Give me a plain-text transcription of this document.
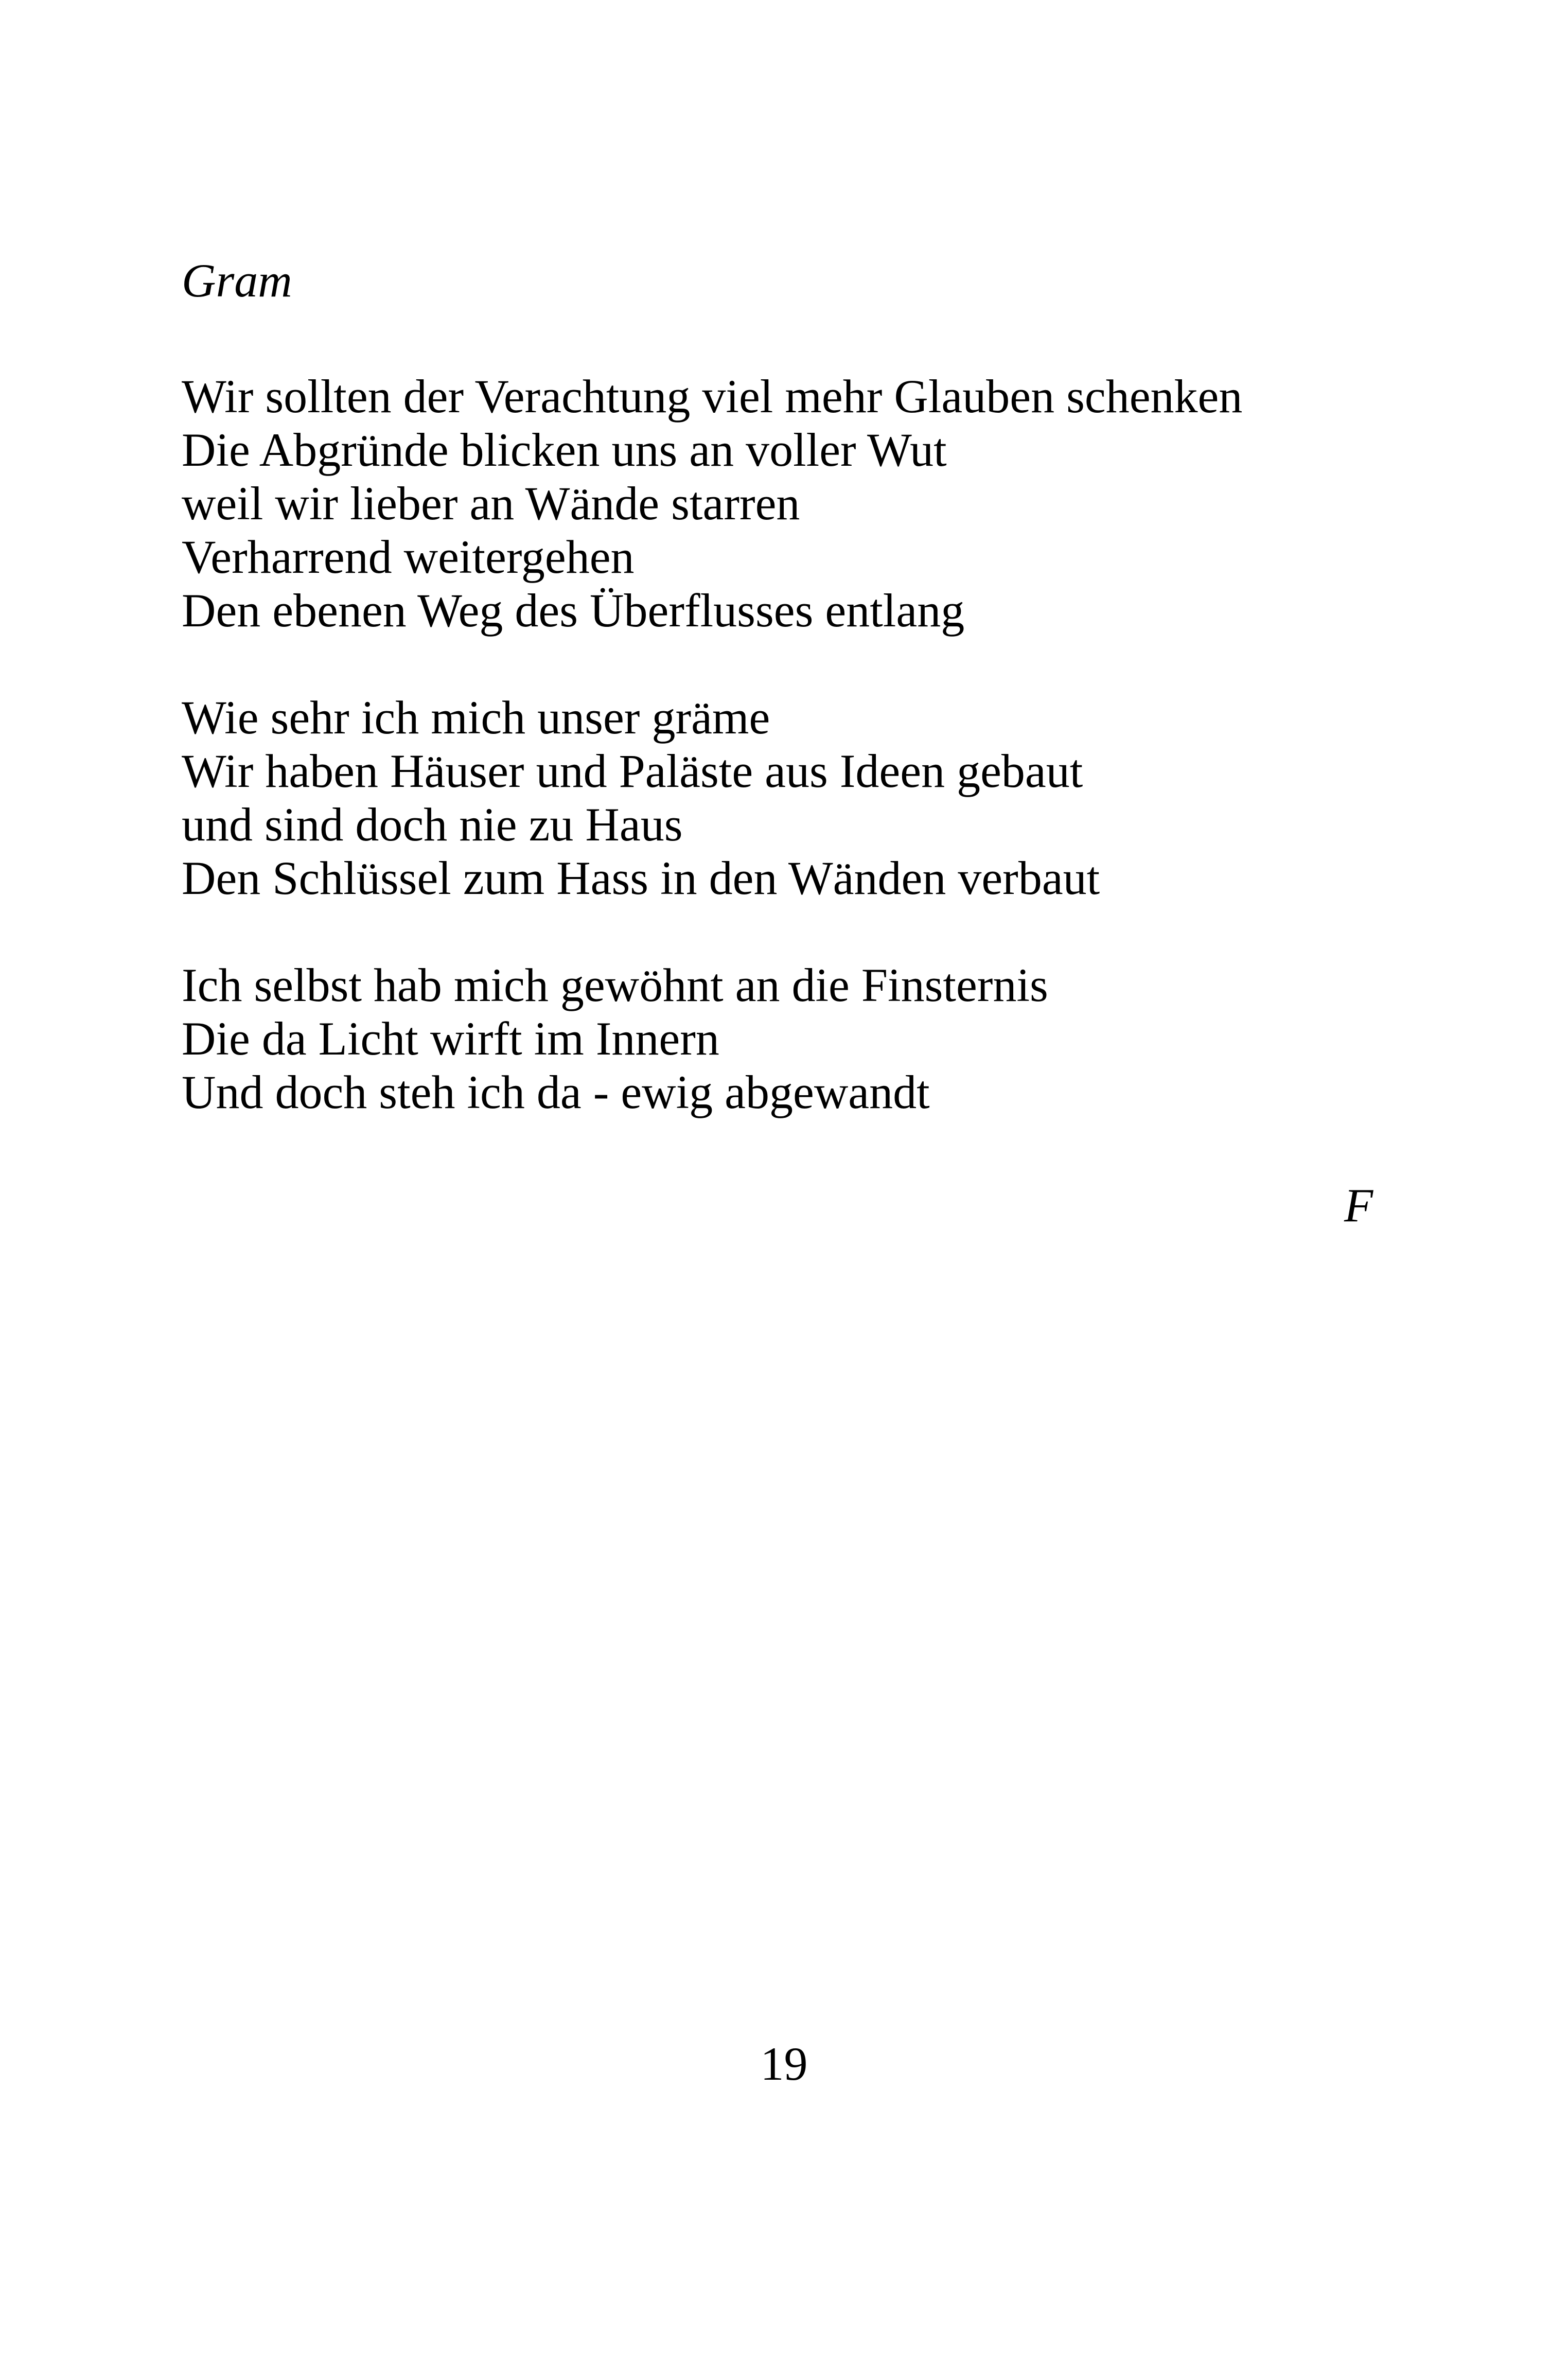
Gram
Wir sollten der Verachtung viel mehr Glauben schenken
Die Abgründe blicken uns an voller Wut
weil wir lieber an Wände starren
Verharrend weitergehen
Den ebenen Weg des Überflusses entlang
Wie sehr ich mich unser gräme
Wir haben Häuser und Paläste aus Ideen gebaut
und sind doch nie zu Haus
Den Schlüssel zum Hass in den Wänden verbaut
Ich selbst hab mich gewöhnt an die Finsternis
Die da Licht wirft im Innern
Und doch steh ich da - ewig abgewandt
F
19
